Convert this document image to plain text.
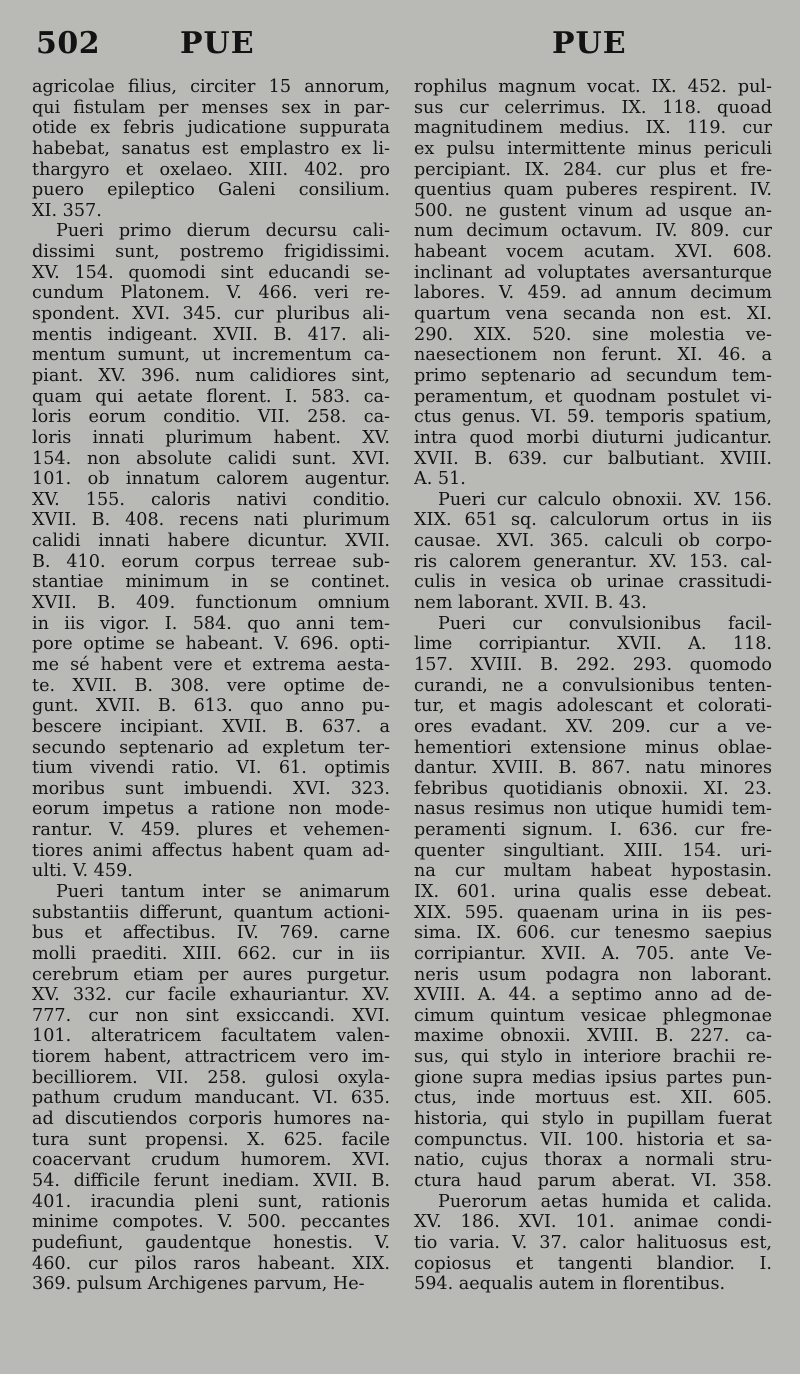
502	PUE	PUE
agricolae filius, circiter 15 annorum,
qui fistulam per menses sex in par-
otide ex febris judicatione suppurata
habebat, sanatus est emplastro ex li-
thargyro et oxelaeo. XIII. 402. pro
puero epileptico Galeni consilium.
XI. 357.
Pueri primo dierum decursu cali-
dissimi sunt, postremo frigidissimi.
XV. 154. quomodi sint educandi se-
cundum Platonem. V. 466. veri re-
spondent. XVI. 345. cur pluribus ali-
mentis indigeant. XVII. B. 417. ali-
mentum sumunt, ut incrementum ca-
piant. XV. 396. num calidiores sint,
quam qui aetate florent. I. 583. ca-
loris eorum conditio. VII. 258. ca-
loris innati plurimum habent. XV.
154. non absolute calidi sunt. XVI.
101. ob innatum calorem augentur.
XV. 155. caloris nativi conditio.
XVII. B. 408. recens nati plurimum
calidi innati habere dicuntur. XVII.
B. 410. eorum corpus terreae sub-
stantiae minimum in se continet.
XVII. B. 409. functionum omnium
in iis vigor. I. 584. quo anni tem-
pore optime se habeant. V. 696. opti-
me sé habent vere et extrema aesta-
te. XVII. B. 308. vere optime de-
gunt. XVII. B. 613. quo anno pu-
bescere incipiant. XVII. B. 637. a
secundo septenario ad expletum ter-
tium vivendi ratio. VI. 61. optimis
moribus sunt imbuendi. XVI. 323.
eorum impetus a ratione non mode-
rantur. V. 459. plures et vehemen-
tiores animi affectus habent quam ad-
ulti. V. 459.
Pueri tantum inter se animarum
substantiis differunt, quantum actioni-
bus et affectibus. IV. 769. carne
molli praediti. XIII. 662. cur in iis
cerebrum etiam per aures purgetur.
XV. 332. cur facile exhauriantur. XV.
777. cur non sint exsiccandi. XVI.
101. alteratricem facultatem valen-
tiorem habent, attractricem vero im-
becilliorem. VII. 258. gulosi oxyla-
pathum crudum manducant. VI. 635.
ad discutiendos corporis humores na-
tura sunt propensi. X. 625. facile
coacervant crudum humorem. XVI.
54. difficile ferunt inediam. XVII. B.
401. iracundia pleni sunt, rationis
minime compotes. V. 500. peccantes
pudefiunt, gaudentque honestis. V.
460. cur pilos raros habeant. XIX.
369. pulsum Archigenes parvum, He-
rophilus magnum vocat. IX. 452. pul-
sus cur celerrimus. IX. 118. quoad
magnitudinem medius. IX. 119. cur
ex pulsu intermittente minus periculi
percipiant. IX. 284. cur plus et fre-
quentius quam puberes respirent. IV.
500. ne gustent vinum ad usque an-
num decimum octavum. IV. 809. cur
habeant vocem acutam. XVI. 608.
inclinant ad voluptates aversanturque
labores. V. 459. ad annum decimum
quartum vena secanda non est. XI.
290. XIX. 520. sine molestia ve-
naesectionem non ferunt. XI. 46. a
primo septenario ad secundum tem-
peramentum, et quodnam postulet vi-
ctus genus. VI. 59. temporis spatium,
intra quod morbi diuturni judicantur.
XVII. B. 639. cur balbutiant. XVIII.
A. 51.
Pueri cur calculo obnoxii. XV. 156.
XIX. 651 sq. calculorum ortus in iis
causae. XVI. 365. calculi ob corpo-
ris calorem generantur. XV. 153. cal-
culis in vesica ob urinae crassitudi-
nem laborant. XVII. B. 43.
Pueri cur convulsionibus facil-
lime corripiantur. XVII. A. 118.
157. XVIII. B. 292. 293. quomodo
curandi, ne a convulsionibus tenten-
tur, et magis adolescant et colorati-
ores evadant. XV. 209. cur a ve-
hementiori extensione minus oblae-
dantur. XVIII. B. 867. natu minores
febribus quotidianis obnoxii. XI. 23.
nasus resimus non utique humidi tem-
peramenti signum. I. 636. cur fre-
quenter singultiant. XIII. 154. uri-
na cur multam habeat hypostasin.
IX. 601. urina qualis esse debeat.
XIX. 595. quaenam urina in iis pes-
sima. IX. 606. cur tenesmo saepius
corripiantur. XVII. A. 705. ante Ve-
neris usum podagra non laborant.
XVIII. A. 44. a septimo anno ad de-
cimum quintum vesicae phlegmonae
maxime obnoxii. XVIII. B. 227. ca-
sus, qui stylo in interiore brachii re-
gione supra medias ipsius partes pun-
ctus, inde mortuus est. XII. 605.
historia, qui stylo in pupillam fuerat
compunctus. VII. 100. historia et sa-
natio, cujus thorax a normali stru-
ctura haud parum aberat. VI. 358.
Puerorum aetas humida et calida.
XV. 186. XVI. 101. animae condi-
tio varia. V. 37. calor halituosus est,
copiosus et tangenti blandior. I.
594. aequalis autem in florentibus.
